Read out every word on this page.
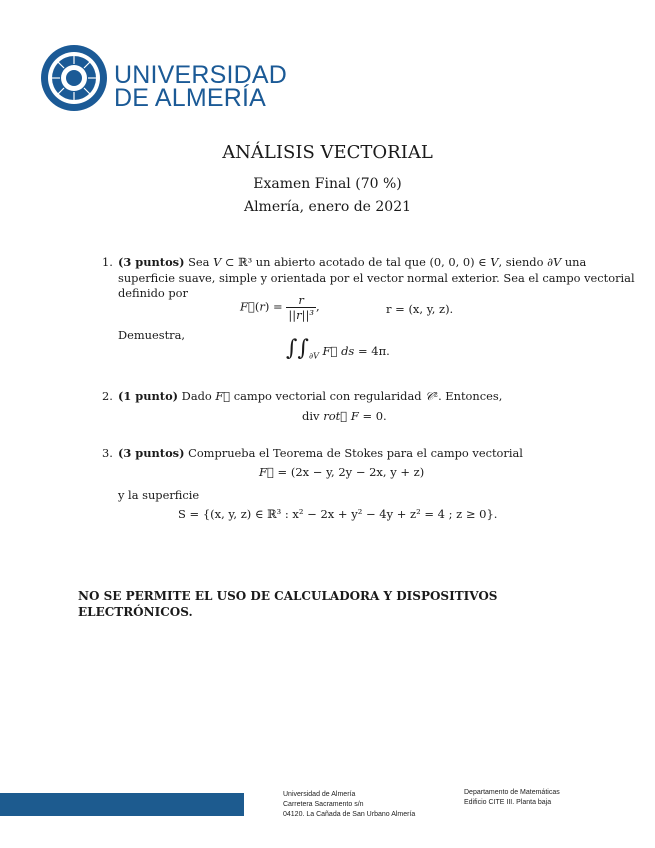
UNIVERSIDAD
DE ALMERÍA
ANÁLISIS VECTORIAL
Examen Final (70 %)
Almería, enero de 2021
1. (3 puntos) Sea V ⊂ ℝ³ un abierto acotado de tal que (0, 0, 0) ∈ V, siendo ∂V una
superficie suave, simple y orientada por el vector normal exterior. Sea el campo vectorial
definido por
F⃗(r) = $\frac{r}{\text{||r||³}}$ ,	r = (x, y, z).
Demuestra,
$\int\int_{\partial V}$ F⃗ ds = 4π.
2. (1 punto) Dado F⃗ campo vectorial con regularidad 𝒞². Entonces,
div rot⃗ F = 0.
3. (3 puntos) Comprueba el Teorema de Stokes para el campo vectorial
F⃗ = (2x − y, 2y − 2x, y + z)
y la superficie
S = {(x, y, z) ∈ ℝ³ : x² − 2x + y² − 4y + z² = 4 ; z ≥ 0}.
NO SE PERMITE EL USO DE CALCULADORA Y DISPOSITIVOS ELECTRÓNICOS.
Universidad de Almería
Carretera Sacramento s/n
04120. La Cañada de San Urbano Almería
Departamento de Matemáticas
Edificio CITE III. Planta baja
